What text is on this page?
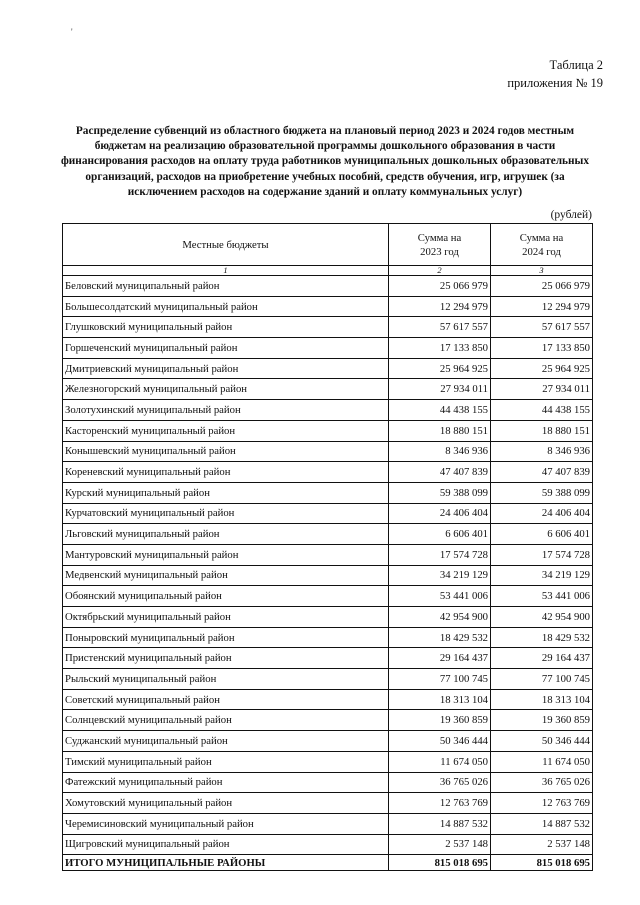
'
Таблица 2
приложения № 19
Распределение субвенций из областного бюджета на плановый период 2023 и 2024 годов местным бюджетам на реализацию образовательной программы дошкольного образования в части финансирования расходов на оплату труда работников муниципальных дошкольных образовательных организаций, расходов на приобретение учебных пособий, средств обучения, игр, игрушек (за исключением расходов на содержание зданий и оплату коммунальных услуг)
(рублей)
Местные бюджеты	Сумма на 2023 год	Сумма на 2024 год
1	2	3
Беловский муниципальный район	25 066 979	25 066 979
Большесолдатский муниципальный район	12 294 979	12 294 979
Глушковский муниципальный район	57 617 557	57 617 557
Горшеченский муниципальный район	17 133 850	17 133 850
Дмитриевский муниципальный район	25 964 925	25 964 925
Железногорский муниципальный район	27 934 011	27 934 011
Золотухинский муниципальный район	44 438 155	44 438 155
Касторенский муниципальный район	18 880 151	18 880 151
Конышевский муниципальный район	8 346 936	8 346 936
Кореневский муниципальный район	47 407 839	47 407 839
Курский муниципальный район	59 388 099	59 388 099
Курчатовский муниципальный район	24 406 404	24 406 404
Льговский муниципальный район	6 606 401	6 606 401
Мантуровский муниципальный район	17 574 728	17 574 728
Медвенский муниципальный район	34 219 129	34 219 129
Обоянский муниципальный район	53 441 006	53 441 006
Октябрьский муниципальный район	42 954 900	42 954 900
Поныровский муниципальный район	18 429 532	18 429 532
Пристенский муниципальный район	29 164 437	29 164 437
Рыльский муниципальный район	77 100 745	77 100 745
Советский муниципальный район	18 313 104	18 313 104
Солнцевский муниципальный район	19 360 859	19 360 859
Суджанский муниципальный район	50 346 444	50 346 444
Тимский муниципальный район	11 674 050	11 674 050
Фатежский муниципальный район	36 765 026	36 765 026
Хомутовский муниципальный район	12 763 769	12 763 769
Черемисиновский муниципальный район	14 887 532	14 887 532
Щигровский муниципальный район	2 537 148	2 537 148
ИТОГО МУНИЦИПАЛЬНЫЕ РАЙОНЫ	815 018 695	815 018 695
